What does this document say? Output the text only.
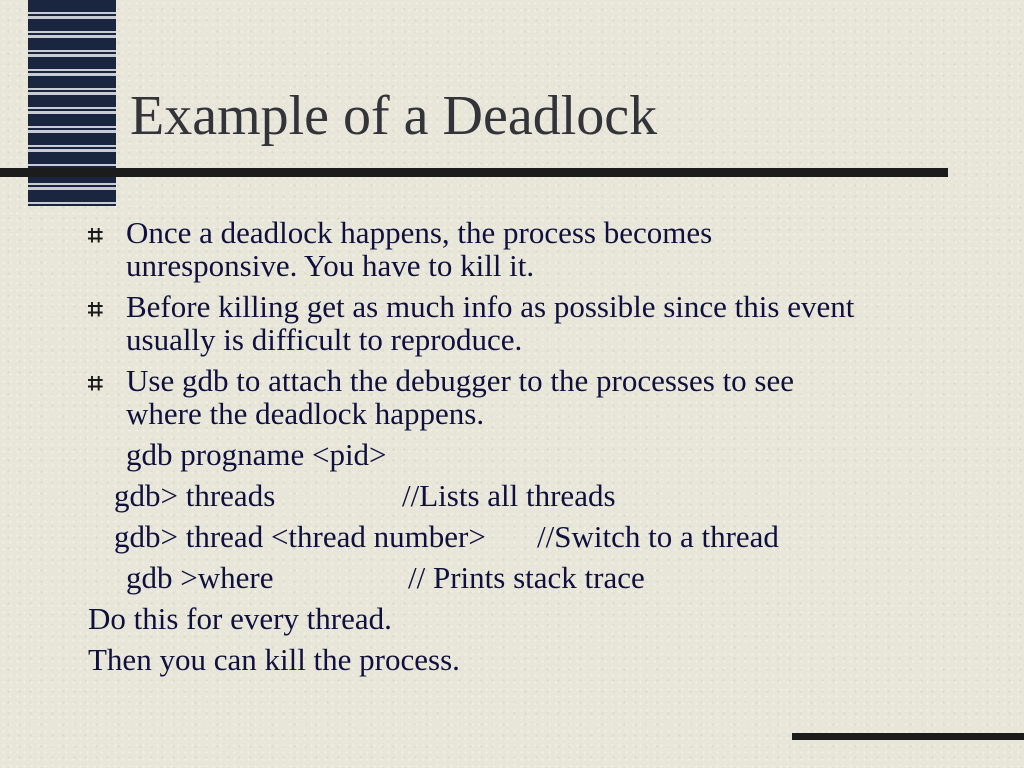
Example of a Deadlock
⌗ Once a deadlock happens, the process becomes
unresponsive. You have to kill it.
⌗ Before killing get as much info as possible since this event
usually is difficult to reproduce.
⌗ Use gdb to attach the debugger to the processes to see
where the deadlock happens.
gdb progname <pid>
gdb> threads	//Lists all threads
gdb> thread <thread number> //Switch to a thread
gdb >where	// Prints stack trace
Do this for every thread.
Then you can kill the process.
